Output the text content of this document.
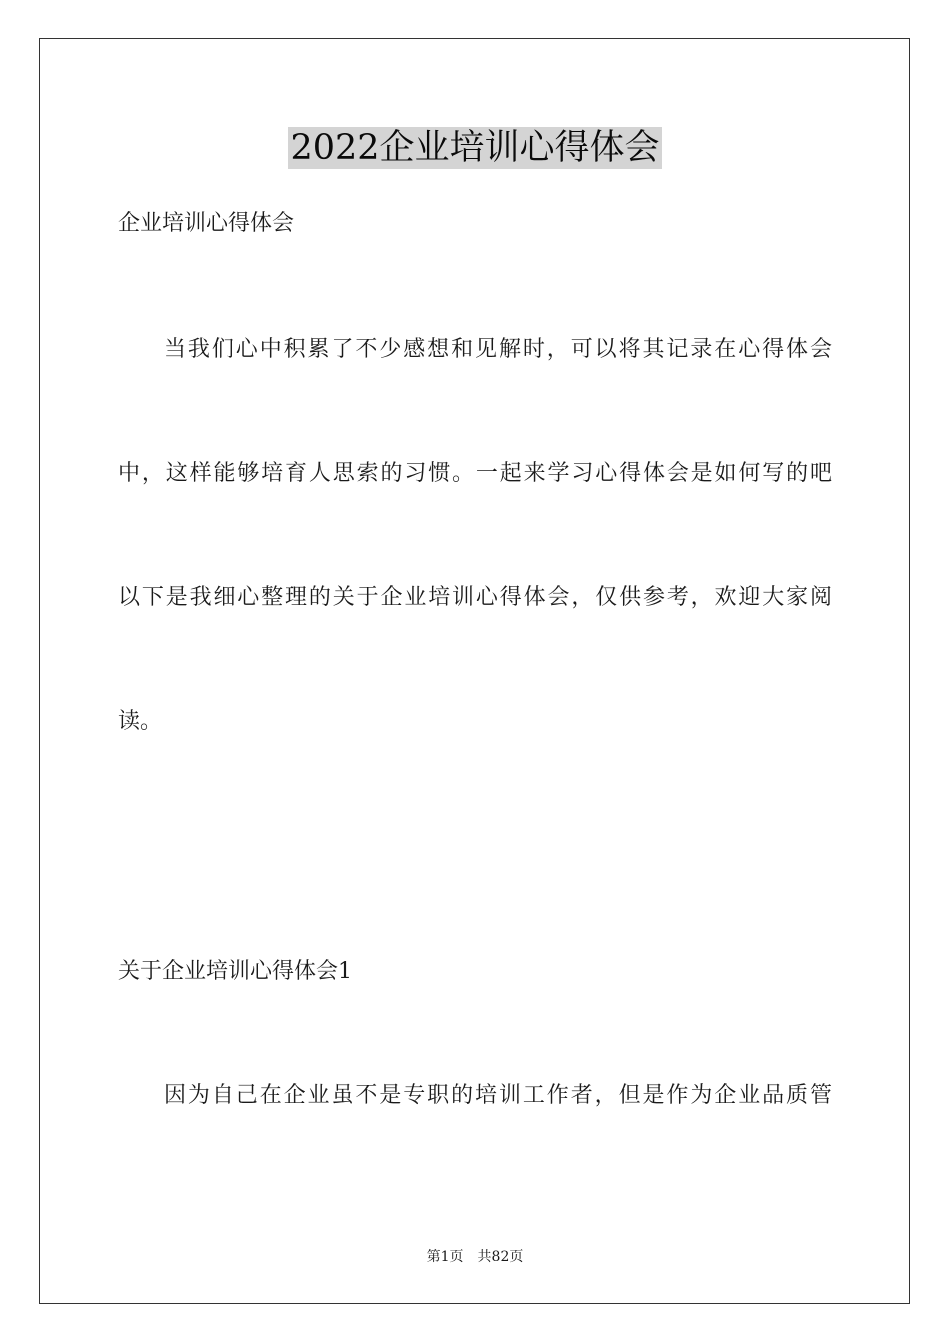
2022企业培训心得体会
企业培训心得体会
当我们心中积累了不少感想和见解时，可以将其记录在心得体会
中，这样能够培育人思索的习惯。一起来学习心得体会是如何写的吧
以下是我细心整理的关于企业培训心得体会，仅供参考，欢迎大家阅
读。
关于企业培训心得体会1
因为自己在企业虽不是专职的培训工作者，但是作为企业品质管
第1页 共82页
